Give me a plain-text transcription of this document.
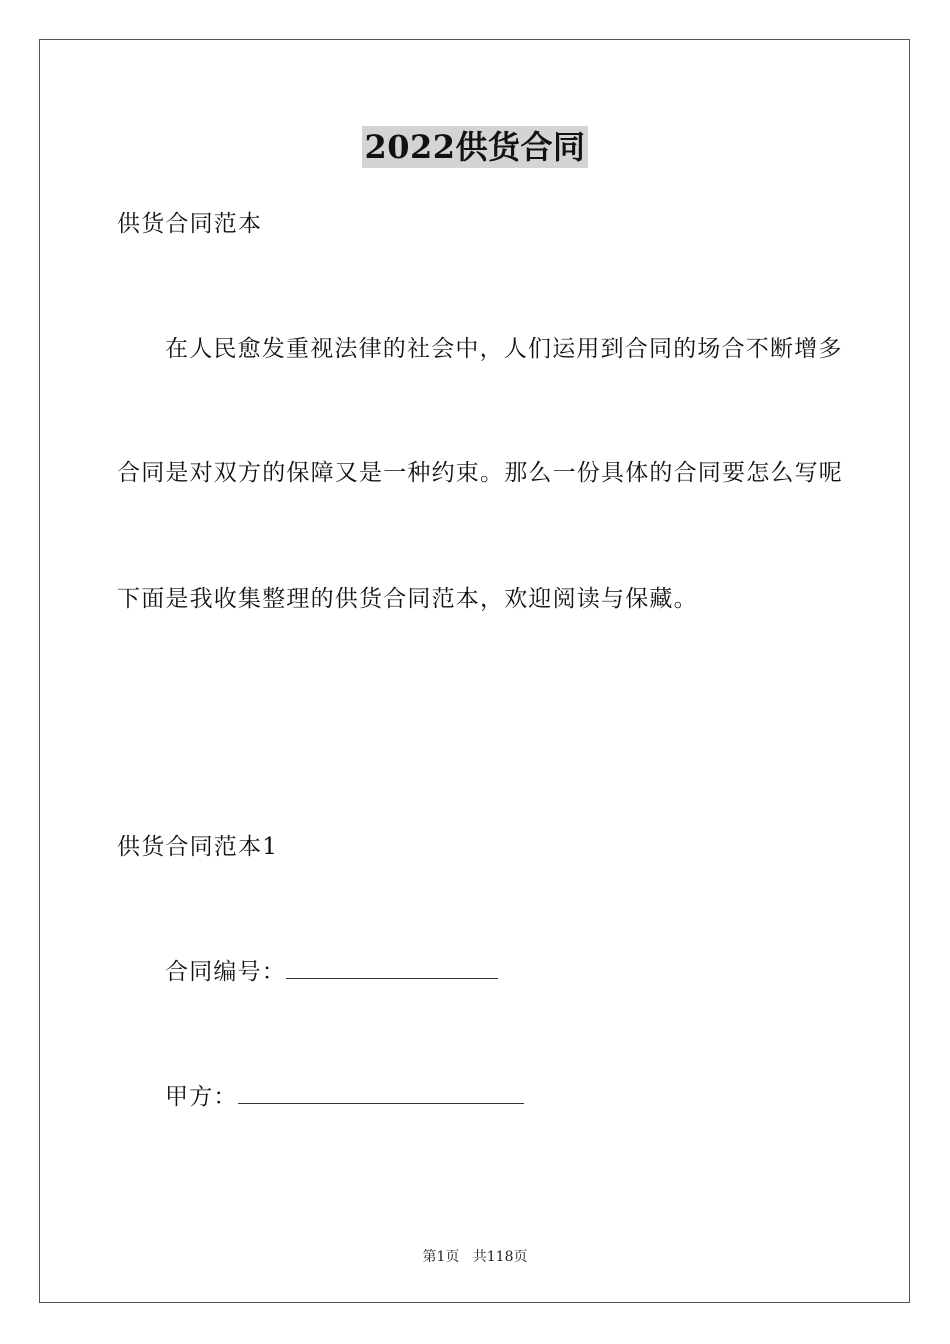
2022供货合同
供货合同范本
在人民愈发重视法律的社会中，人们运用到合同的场合不断增多
合同是对双方的保障又是一种约束。那么一份具体的合同要怎么写呢
下面是我收集整理的供货合同范本，欢迎阅读与保藏。
供货合同范本1
合同编号：
甲方：
第1页   共118页
